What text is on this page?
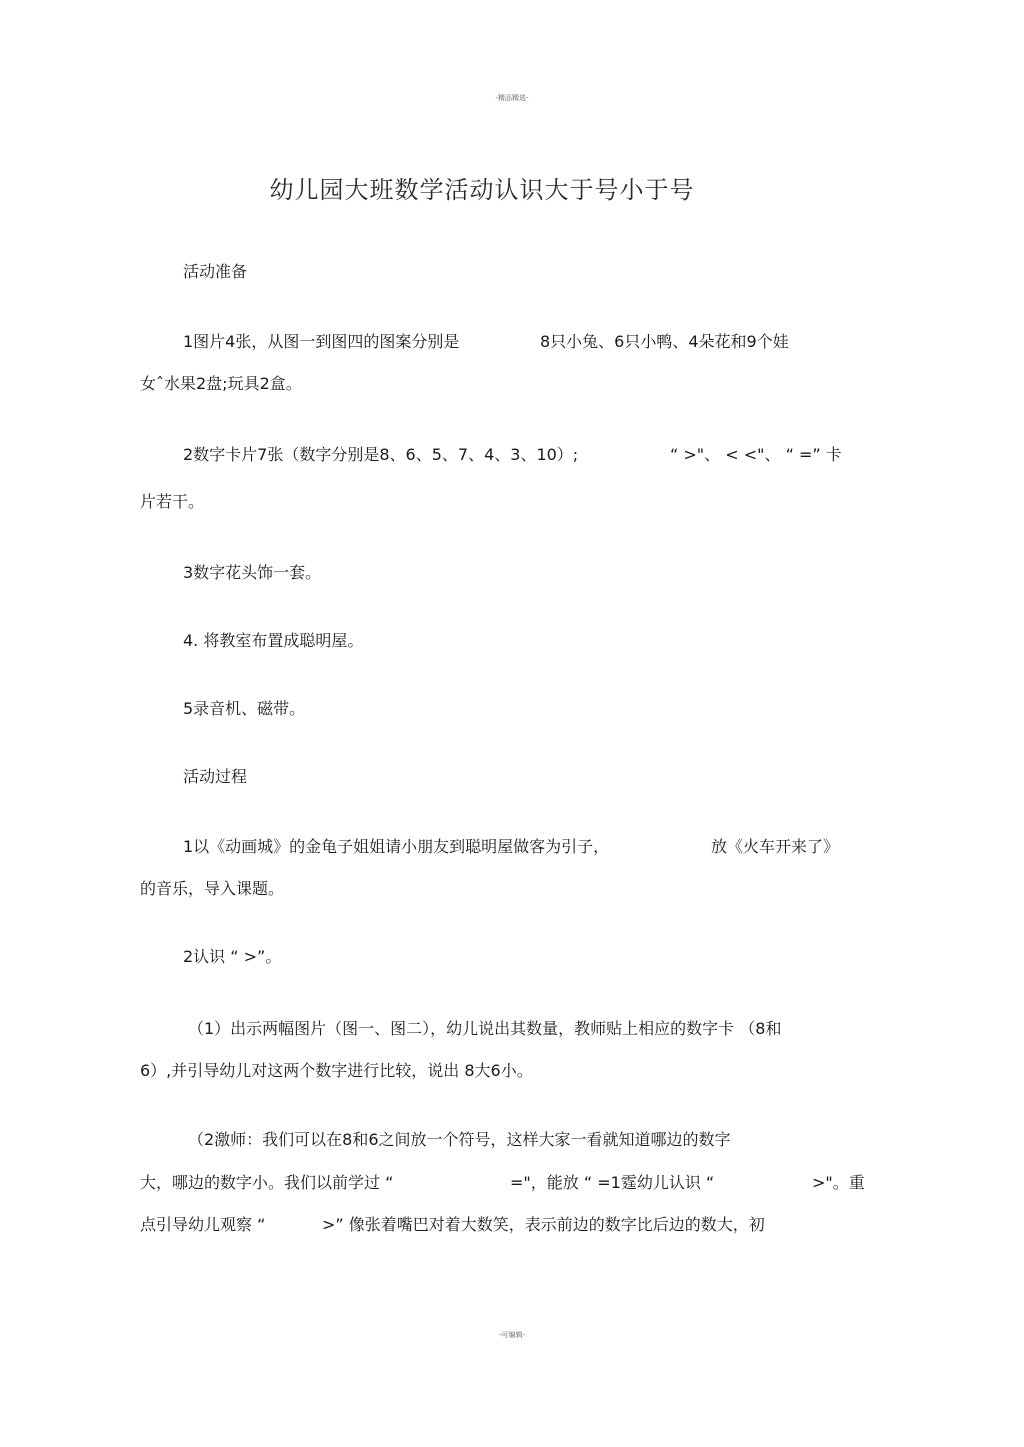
-精品精选-
幼儿园大班数学活动认识大于号小于号
活动准备
1图片4张，从图一到图四的图案分别是	8只小兔、6只小鸭、4朵花和9个娃
女ˆ水果2盘;玩具2盒。
2数字卡片7张（数字分别是8、6、5、7、4、3、10）;	“ >"、 < <"、 “ =” 卡
片若干。
3数字花头饰一套。
4. 将教室布置成聪明屋。
5录音机、磁带。
活动过程
1以《动画城》的金龟子姐姐请小朋友到聪明屋做客为引子，	放《火车开来了》
的音乐，导入课题。
2认识 “ >”。
（1）出示两幅图片（图一、图二），幼儿说出其数量，教师贴上相应的数字卡 （8和
6）,并引导幼儿对这两个数字进行比较，说出 8大6小。
（2激师：我们可以在8和6之间放一个符号，这样大家一看就知道哪边的数字
大，哪边的数字小。我们以前学过 “	="，能放 “ =1霆幼儿认识 “	>"。重
点引导幼儿观察 “	>” 像张着嘴巴对着大数笑，表示前边的数字比后边的数大，初
-可编辑-
